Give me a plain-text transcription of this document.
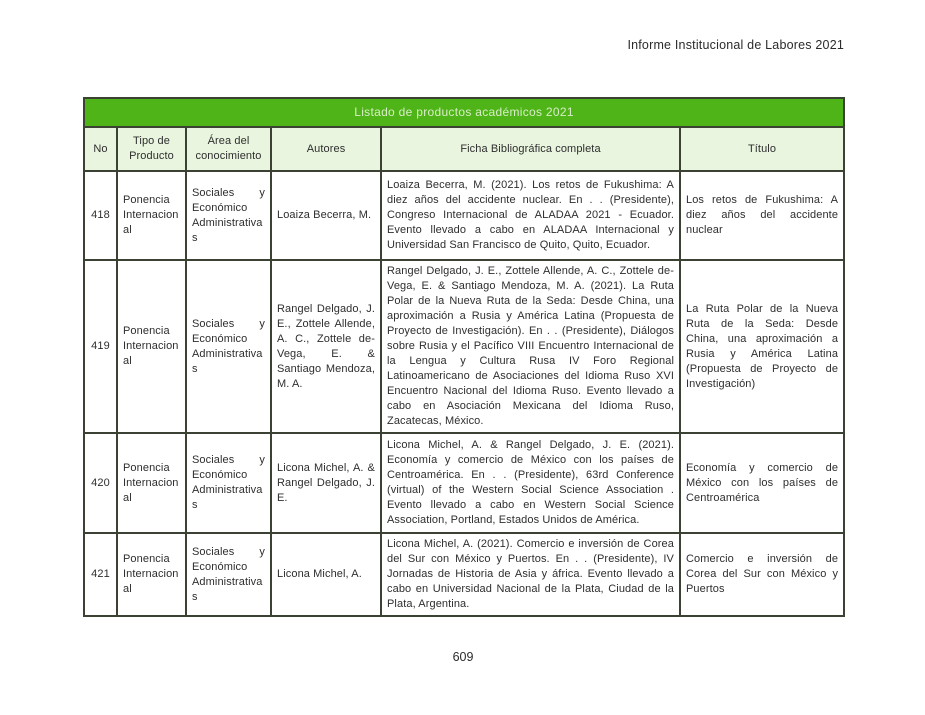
Informe Institucional de Labores 2021
Listado de productos académicos 2021					
No	Tipo de Producto	Área del conocimiento	Autores	Ficha Bibliográfica completa	Título
418	Ponencia Internacional	Sociales y Económico Administrativas	Loaiza Becerra, M.	Loaiza Becerra, M. (2021). Los retos de Fukushima: A diez años del accidente nuclear. En . . (Presidente), Congreso Internacional de ALADAA 2021 - Ecuador. Evento llevado a cabo en ALADAA Internacional y Universidad San Francisco de Quito, Quito, Ecuador.	Los retos de Fukushima: A diez años del accidente nuclear
419	Ponencia Internacional	Sociales y Económico Administrativas	Rangel Delgado, J. E., Zottele Allende, A. C., Zottele de-Vega, E. & Santiago Mendoza, M. A.	Rangel Delgado, J. E., Zottele Allende, A. C., Zottele de-Vega, E. & Santiago Mendoza, M. A. (2021). La Ruta Polar de la Nueva Ruta de la Seda: Desde China, una aproximación a Rusia y América Latina (Propuesta de Proyecto de Investigación). En . . (Presidente), Diálogos sobre Rusia y el Pacífico VIII Encuentro Internacional de la Lengua y Cultura Rusa IV Foro Regional Latinoamericano de Asociaciones del Idioma Ruso XVI Encuentro Nacional del Idioma Ruso. Evento llevado a cabo en Asociación Mexicana del Idioma Ruso, Zacatecas, México.	La Ruta Polar de la Nueva Ruta de la Seda: Desde China, una aproximación a Rusia y América Latina (Propuesta de Proyecto de Investigación)
420	Ponencia Internacional	Sociales y Económico Administrativas	Licona Michel, A. & Rangel Delgado, J. E.	Licona Michel, A. & Rangel Delgado, J. E. (2021). Economía y comercio de México con los países de Centroamérica. En . . (Presidente), 63rd Conference (virtual) of the Western Social Science Association . Evento llevado a cabo en Western Social Science Association, Portland, Estados Unidos de América.	Economía y comercio de México con los países de Centroamérica
421	Ponencia Internacional	Sociales y Económico Administrativas	Licona Michel, A.	Licona Michel, A. (2021). Comercio e inversión de Corea del Sur con México y Puertos. En . . (Presidente), IV Jornadas de Historia de Asia y áfrica. Evento llevado a cabo en Universidad Nacional de la Plata, Ciudad de la Plata, Argentina.	Comercio e inversión de Corea del Sur con México y Puertos
609
